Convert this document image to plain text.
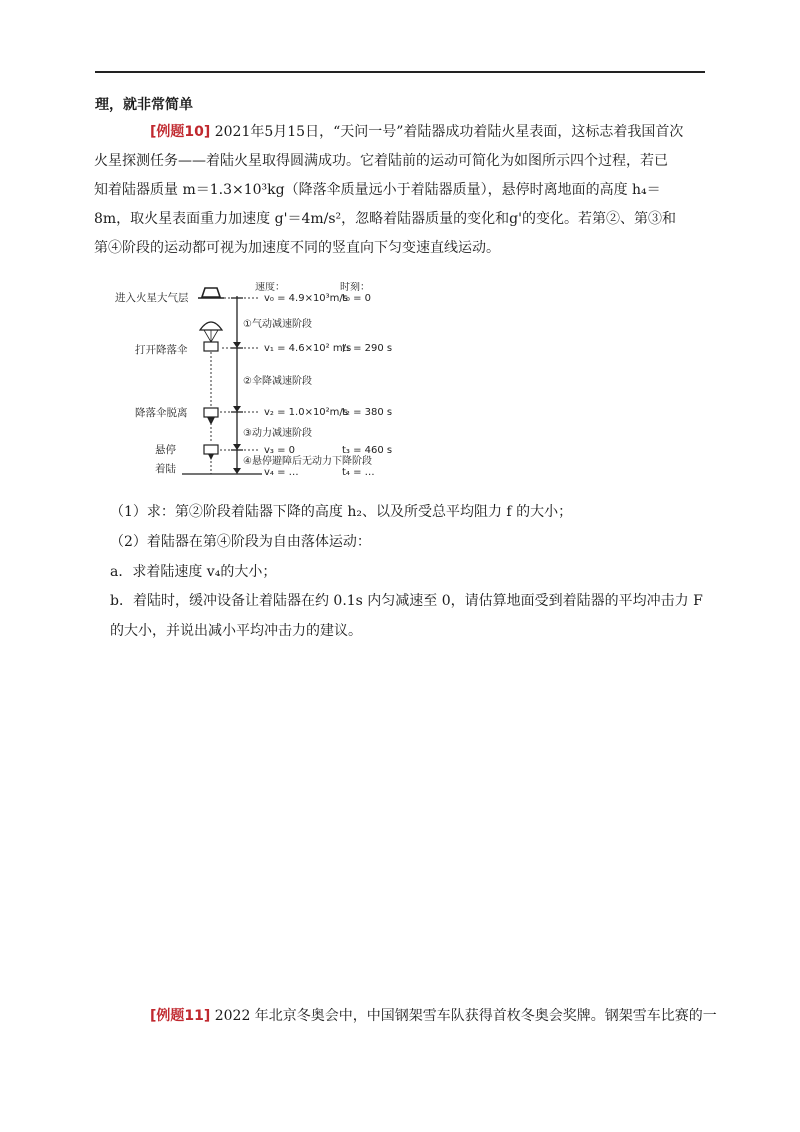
理，就非常简单
[例题10] 2021年5月15日，“天问一号”着陆器成功着陆火星表面，这标志着我国首次
火星探测任务——着陆火星取得圆满成功。它着陆前的运动可简化为如图所示四个过程，若已
知着陆器质量 m＝1.3×10³kg（降落伞质量远小于着陆器质量），悬停时离地面的高度 h₄＝
8m，取火星表面重力加速度 g'＝4m/s²，忽略着陆器质量的变化和g'的变化。若第②、第③和
第④阶段的运动都可视为加速度不同的竖直向下匀变速直线运动。
速度：	时刻：
进入火星大气层
打开降落伞
降落伞脱离
悬停
着陆
①气动减速阶段
②伞降减速阶段
③动力减速阶段
④悬停避障后无动力下降阶段
v₀ = 4.9×10³m/s
v₁ = 4.6×10² m/s
v₂ = 1.0×10²m/s
v₃ = 0
v₄ = …
t₀ = 0
t₁ = 290 s
t₂ = 380 s
t₃ = 460 s
t₄ = …
（1）求：第②阶段着陆器下降的高度 h₂、以及所受总平均阻力 f 的大小；
（2）着陆器在第④阶段为自由落体运动：
a．求着陆速度 v₄的大小；
b．着陆时，缓冲设备让着陆器在约 0.1s 内匀减速至 0，请估算地面受到着陆器的平均冲击力 F
的大小，并说出减小平均冲击力的建议。
[例题11] 2022 年北京冬奥会中，中国钢架雪车队获得首枚冬奥会奖牌。钢架雪车比赛的一
